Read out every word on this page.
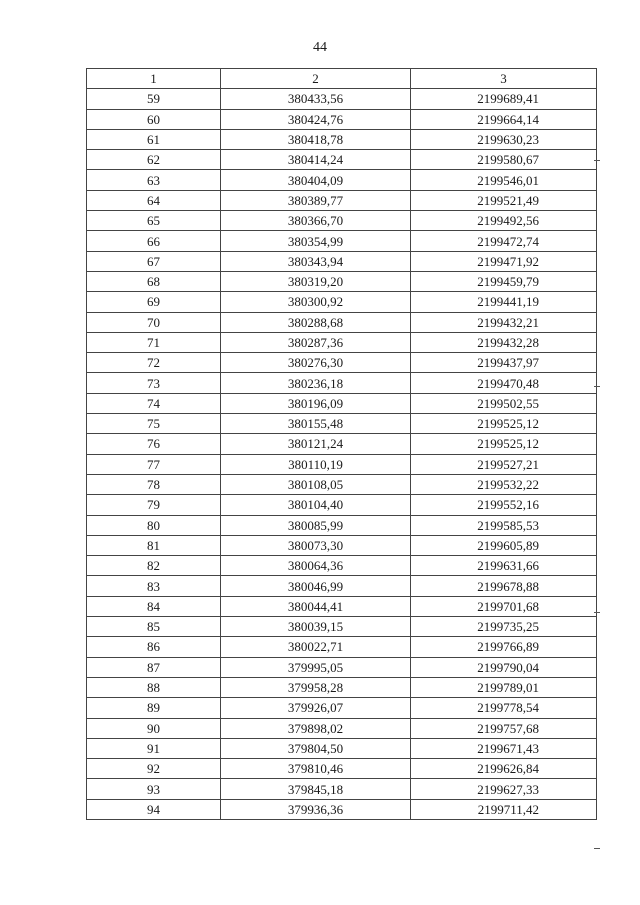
44
1	2	3
59	380433,56	2199689,41
60	380424,76	2199664,14
61	380418,78	2199630,23
62	380414,24	2199580,67
63	380404,09	2199546,01
64	380389,77	2199521,49
65	380366,70	2199492,56
66	380354,99	2199472,74
67	380343,94	2199471,92
68	380319,20	2199459,79
69	380300,92	2199441,19
70	380288,68	2199432,21
71	380287,36	2199432,28
72	380276,30	2199437,97
73	380236,18	2199470,48
74	380196,09	2199502,55
75	380155,48	2199525,12
76	380121,24	2199525,12
77	380110,19	2199527,21
78	380108,05	2199532,22
79	380104,40	2199552,16
80	380085,99	2199585,53
81	380073,30	2199605,89
82	380064,36	2199631,66
83	380046,99	2199678,88
84	380044,41	2199701,68
85	380039,15	2199735,25
86	380022,71	2199766,89
87	379995,05	2199790,04
88	379958,28	2199789,01
89	379926,07	2199778,54
90	379898,02	2199757,68
91	379804,50	2199671,43
92	379810,46	2199626,84
93	379845,18	2199627,33
94	379936,36	2199711,42
